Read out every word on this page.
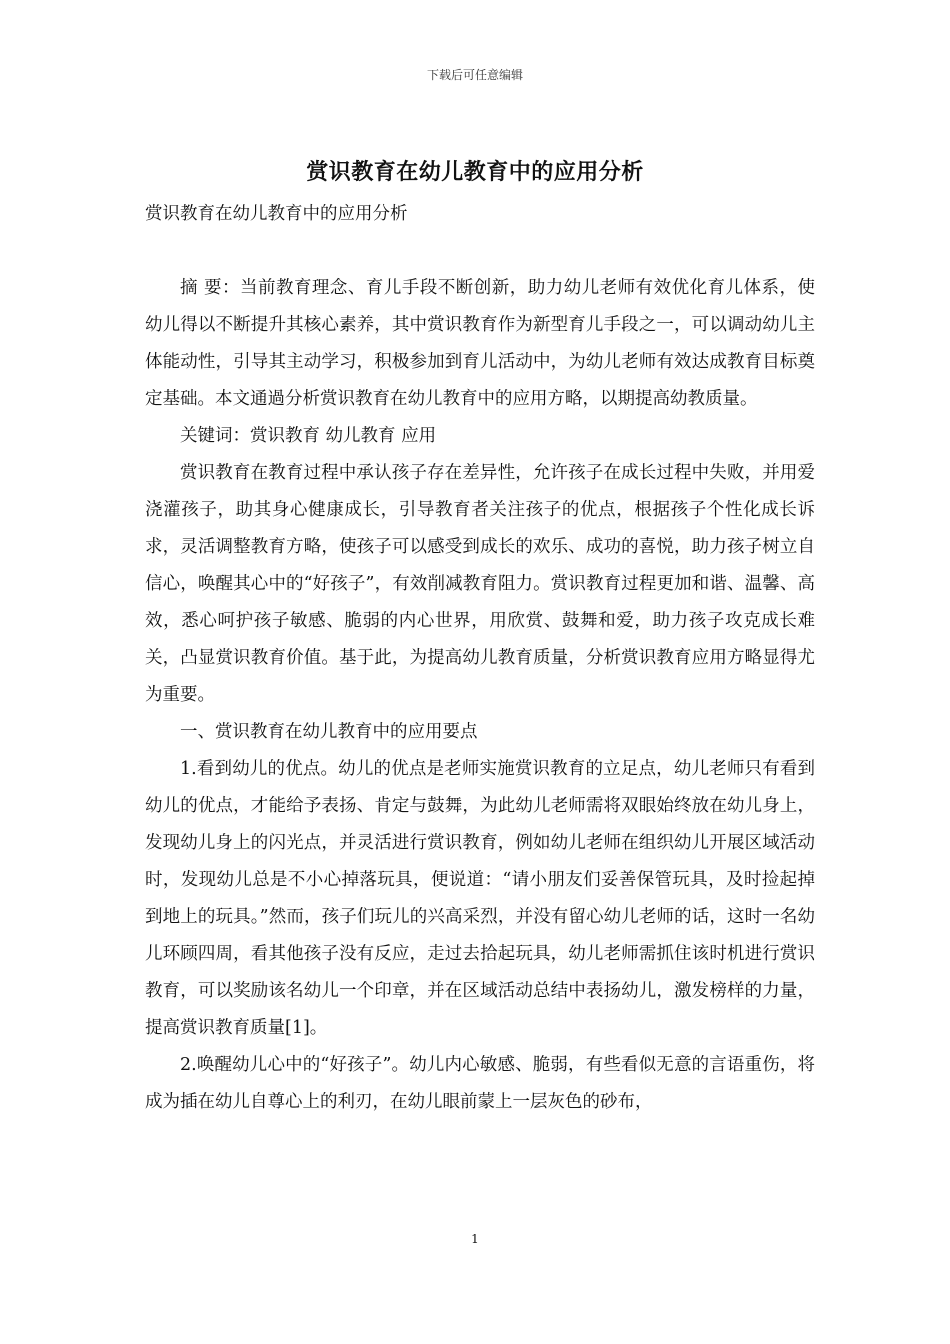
下载后可任意编辑
赏识教育在幼儿教育中的应用分析
赏识教育在幼儿教育中的应用分析

摘 要：当前教育理念、育儿手段不断创新，助力幼儿老师有效优化育儿体系，使幼儿得以不断提升其核心素养，其中赏识教育作为新型育儿手段之一，可以调动幼儿主体能动性，引导其主动学习，积极参加到育儿活动中，为幼儿老师有效达成教育目标奠定基础。本文通過分析赏识教育在幼儿教育中的应用方略，以期提高幼教质量。

关键词：赏识教育 幼儿教育 应用

赏识教育在教育过程中承认孩子存在差异性，允许孩子在成长过程中失败，并用爱浇灌孩子，助其身心健康成长，引导教育者关注孩子的优点，根据孩子个性化成长诉求，灵活调整教育方略，使孩子可以感受到成长的欢乐、成功的喜悦，助力孩子树立自信心，唤醒其心中的“好孩子”，有效削减教育阻力。赏识教育过程更加和谐、温馨、高效，悉心呵护孩子敏感、脆弱的内心世界，用欣赏、鼓舞和爱，助力孩子攻克成长难关，凸显赏识教育价值。基于此，为提高幼儿教育质量，分析赏识教育应用方略显得尤为重要。

一、赏识教育在幼儿教育中的应用要点

1.看到幼儿的优点。幼儿的优点是老师实施赏识教育的立足点，幼儿老师只有看到幼儿的优点，才能给予表扬、肯定与鼓舞，为此幼儿老师需将双眼始终放在幼儿身上，发现幼儿身上的闪光点，并灵活进行赏识教育，例如幼儿老师在组织幼儿开展区域活动时，发现幼儿总是不小心掉落玩具，便说道：“请小朋友们妥善保管玩具，及时捡起掉到地上的玩具。”然而，孩子们玩儿的兴高采烈，并没有留心幼儿老师的话，这时一名幼儿环顾四周，看其他孩子没有反应，走过去拾起玩具，幼儿老师需抓住该时机进行赏识教育，可以奖励该名幼儿一个印章，并在区域活动总结中表扬幼儿，激发榜样的力量，提高赏识教育质量[1]。

2.唤醒幼儿心中的“好孩子”。幼儿内心敏感、脆弱，有些看似无意的言语重伤，将成为插在幼儿自尊心上的利刃，在幼儿眼前蒙上一层灰色的砂布，

1
